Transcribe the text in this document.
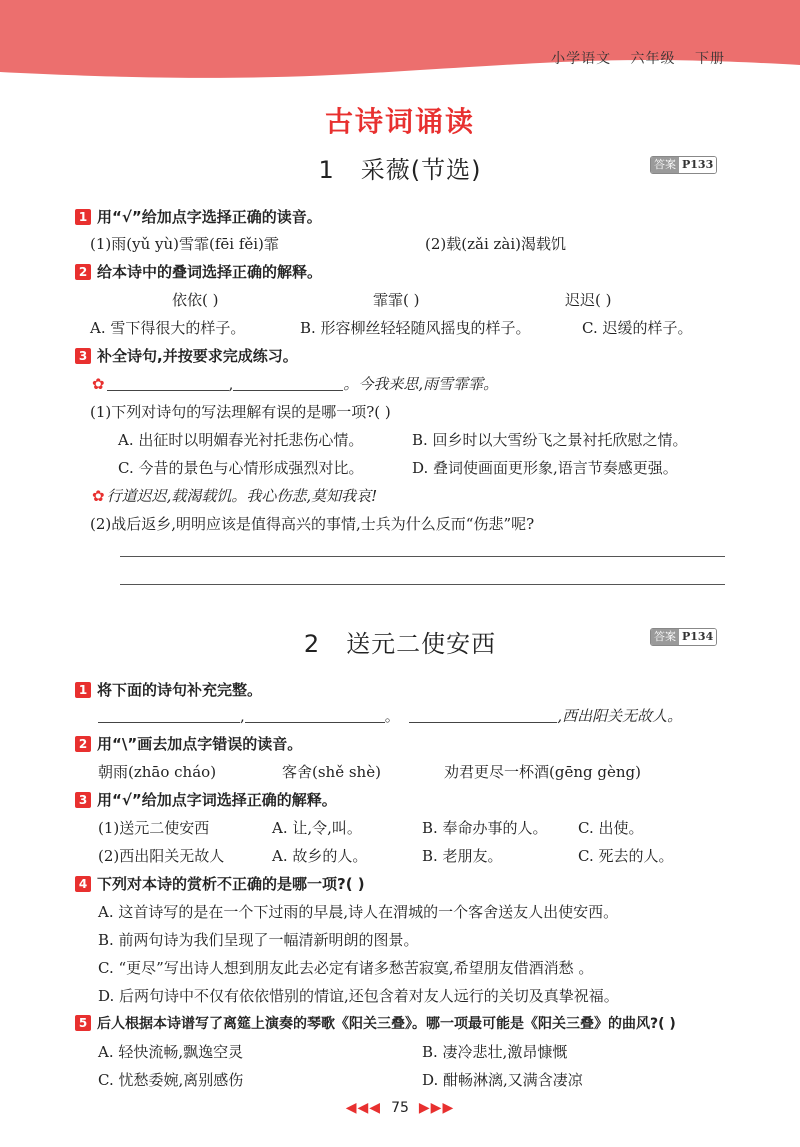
小学语文 六年级 下册
古诗词诵读
1 采薇(节选)	答案 P133
1 用“√”给加点字选择正确的读音。
(1)雨(yǔ yù)雪霏(fēi fěi)霏	(2)载(zǎi zài)渴载饥
2 给本诗中的叠词选择正确的解释。
依依( )	霏霏( )	迟迟( )
A. 雪下得很大的样子。	B. 形容柳丝轻轻随风摇曳的样子。	C. 迟缓的样子。
3 补全诗句,并按要求完成练习。
✿	,	。今我来思,雨雪霏霏。
(1)下列对诗句的写法理解有误的是哪一项?( )
A. 出征时以明媚春光衬托悲伤心情。	B. 回乡时以大雪纷飞之景衬托欣慰之情。
C. 今昔的景色与心情形成强烈对比。	D. 叠词使画面更形象,语言节奏感更强。
✿ 行道迟迟,载渴载饥。我心伤悲,莫知我哀!
(2)战后返乡,明明应该是值得高兴的事情,士兵为什么反而“伤悲”呢?
2 送元二使安西	答案 P134
1 将下面的诗句补充完整。
,	。	,西出阳关无故人。
2 用“\”画去加点字错误的读音。
朝雨(zhāo cháo)	客舍(shě shè)	劝君更尽一杯酒(gēng gèng)
3 用“√”给加点字词选择正确的解释。
(1)送元二使安西	A. 让,令,叫。	B. 奉命办事的人。 C. 出使。
(2)西出阳关无故人	A. 故乡的人。	B. 老朋友。	C. 死去的人。
4 下列对本诗的赏析不正确的是哪一项?( )
A. 这首诗写的是在一个下过雨的早晨,诗人在渭城的一个客舍送友人出使安西。
B. 前两句诗为我们呈现了一幅清新明朗的图景。
C. “更尽”写出诗人想到朋友此去必定有诸多愁苦寂寞,希望朋友借酒消愁 。
D. 后两句诗中不仅有依依惜别的情谊,还包含着对友人远行的关切及真挚祝福。
5 后人根据本诗谱写了离筵上演奏的琴歌《阳关三叠》。哪一项最可能是《阳关三叠》的曲风?( )
A. 轻快流畅,飘逸空灵	B. 凄冷悲壮,激昂慷慨
C. 忧愁委婉,离别感伤	D. 酣畅淋漓,又满含凄凉
◀◀◀ 75 ▶▶▶
